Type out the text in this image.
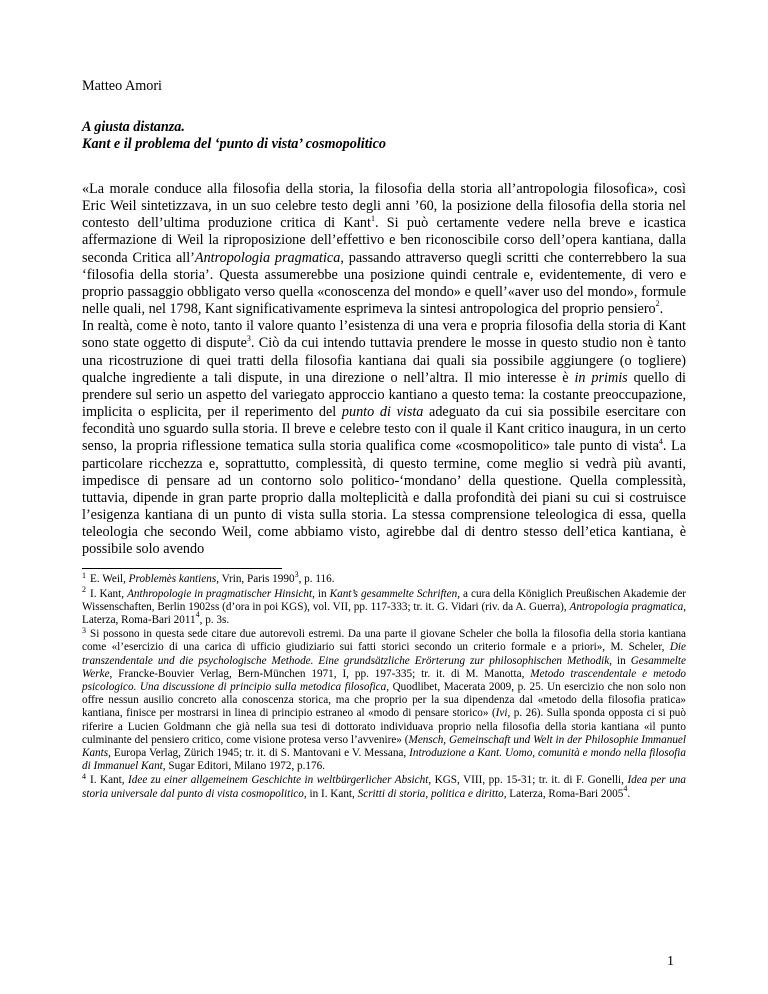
Matteo Amori
A giusta distanza.
Kant e il problema del ‘punto di vista’ cosmopolitico

«La morale conduce alla filosofia della storia, la filosofia della storia all’antropologia filosofica», così Eric Weil sintetizzava, in un suo celebre testo degli anni ’60, la posizione della filosofia della storia nel contesto dell’ultima produzione critica di Kant$^1$. Si può certamente vedere nella breve e icastica affermazione di Weil la riproposizione dell’effettivo e ben riconoscibile corso dell’opera kantiana, dalla seconda Critica all’Antropologia pragmatica, passando attraverso quegli scritti che conterrebbero la sua ‘filosofia della storia’. Questa assumerebbe una posizione quindi centrale e, evidentemente, di vero e proprio passaggio obbligato verso quella «conoscenza del mondo» e quell’«aver uso del mondo», formule nelle quali, nel 1798, Kant significativamente esprimeva la sintesi antropologica del proprio pensiero$^2$.

In realtà, come è noto, tanto il valore quanto l’esistenza di una vera e propria filosofia della storia di Kant sono state oggetto di dispute$^3$. Ciò da cui intendo tuttavia prendere le mosse in questo studio non è tanto una ricostruzione di quei tratti della filosofia kantiana dai quali sia possibile aggiungere (o togliere) qualche ingrediente a tali dispute, in una direzione o nell’altra. Il mio interesse è in primis quello di prendere sul serio un aspetto del variegato approccio kantiano a questo tema: la costante preoccupazione, implicita o esplicita, per il reperimento del punto di vista adeguato da cui sia possibile esercitare con fecondità uno sguardo sulla storia. Il breve e celebre testo con il quale il Kant critico inaugura, in un certo senso, la propria riflessione tematica sulla storia qualifica come «cosmopolitico» tale punto di vista$^4$. La particolare ricchezza e, soprattutto, complessità, di questo termine, come meglio si vedrà più avanti, impedisce di pensare ad un contorno solo politico-‘mondano’ della questione. Quella complessità, tuttavia, dipende in gran parte proprio dalla molteplicità e dalla profondità dei piani su cui si costruisce l’esigenza kantiana di un punto di vista sulla storia. La stessa comprensione teleologica di essa, quella teleologia che secondo Weil, come abbiamo visto, agirebbe dal di dentro stesso dell’etica kantiana, è possibile solo avendo

$^1$ E. Weil, Problemès kantiens, Vrin, Paris 1990$^3$, p. 116.

$^2$ I. Kant, Anthropologie in pragmatischer Hinsicht, in Kant’s gesammelte Schriften, a cura della Königlich Preußischen Akademie der Wissenschaften, Berlin 1902ss (d’ora in poi KGS), vol. VII, pp. 117-333; tr. it. G. Vidari (riv. da A. Guerra), Antropologia pragmatica, Laterza, Roma-Bari 2011$^4$, p. 3s.

$^3$ Si possono in questa sede citare due autorevoli estremi. Da una parte il giovane Scheler che bolla la filosofia della storia kantiana come «l’esercizio di una carica di ufficio giudiziario sui fatti storici secondo un criterio formale e a priori», M. Scheler, Die transzendentale und die psychologische Methode. Eine grundsätzliche Erörterung zur philosophischen Methodik, in Gesammelte Werke, Francke-Bouvier Verlag, Bern-München 1971, I, pp. 197-335; tr. it. di M. Manotta, Metodo trascendentale e metodo psicologico. Una discussione di principio sulla metodica filosofica, Quodlibet, Macerata 2009, p. 25. Un esercizio che non solo non offre nessun ausilio concreto alla conoscenza storica, ma che proprio per la sua dipendenza dal «metodo della filosofia pratica» kantiana, finisce per mostrarsi in linea di principio estraneo al «modo di pensare storico» (Ivi, p. 26). Sulla sponda opposta ci si può riferire a Lucien Goldmann che già nella sua tesi di dottorato individuava proprio nella filosofia della storia kantiana «il punto culminante del pensiero critico, come visione protesa verso l’avvenire» (Mensch, Gemeinschaft und Welt in der Philosophie Immanuel Kants, Europa Verlag, Zürich 1945; tr. it. di S. Mantovani e V. Messana, Introduzione a Kant. Uomo, comunità e mondo nella filosofia di Immanuel Kant, Sugar Editori, Milano 1972, p.176.

$^4$ I. Kant, Idee zu einer allgemeinem Geschichte in weltbürgerlicher Absicht, KGS, VIII, pp. 15-31; tr. it. di F. Gonelli, Idea per una storia universale dal punto di vista cosmopolitico, in I. Kant, Scritti di storia, politica e diritto, Laterza, Roma-Bari 2005$^4$.

1
